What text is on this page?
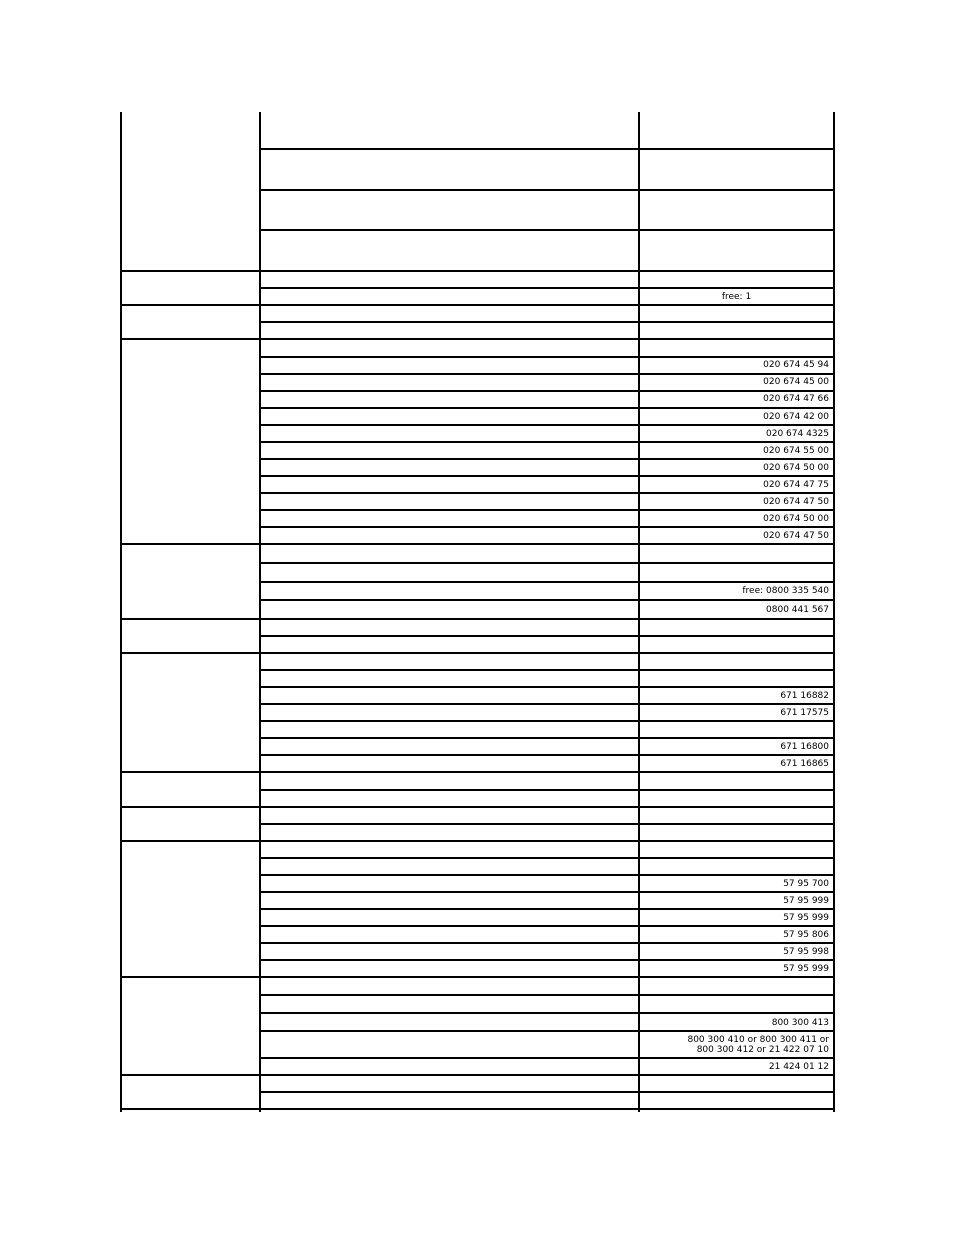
free: 1
020 674 45 94
020 674 45 00
020 674 47 66
020 674 42 00
020 674 4325
020 674 55 00
020 674 50 00
020 674 47 75
020 674 47 50
020 674 50 00
020 674 47 50
free: 0800 335 540
0800 441 567
671 16882
671 17575
671 16800
671 16865
57 95 700
57 95 999
57 95 999
57 95 806
57 95 998
57 95 999
800 300 413
800 300 410 or 800 300 411 or
800 300 412 or 21 422 07 10
21 424 01 12
